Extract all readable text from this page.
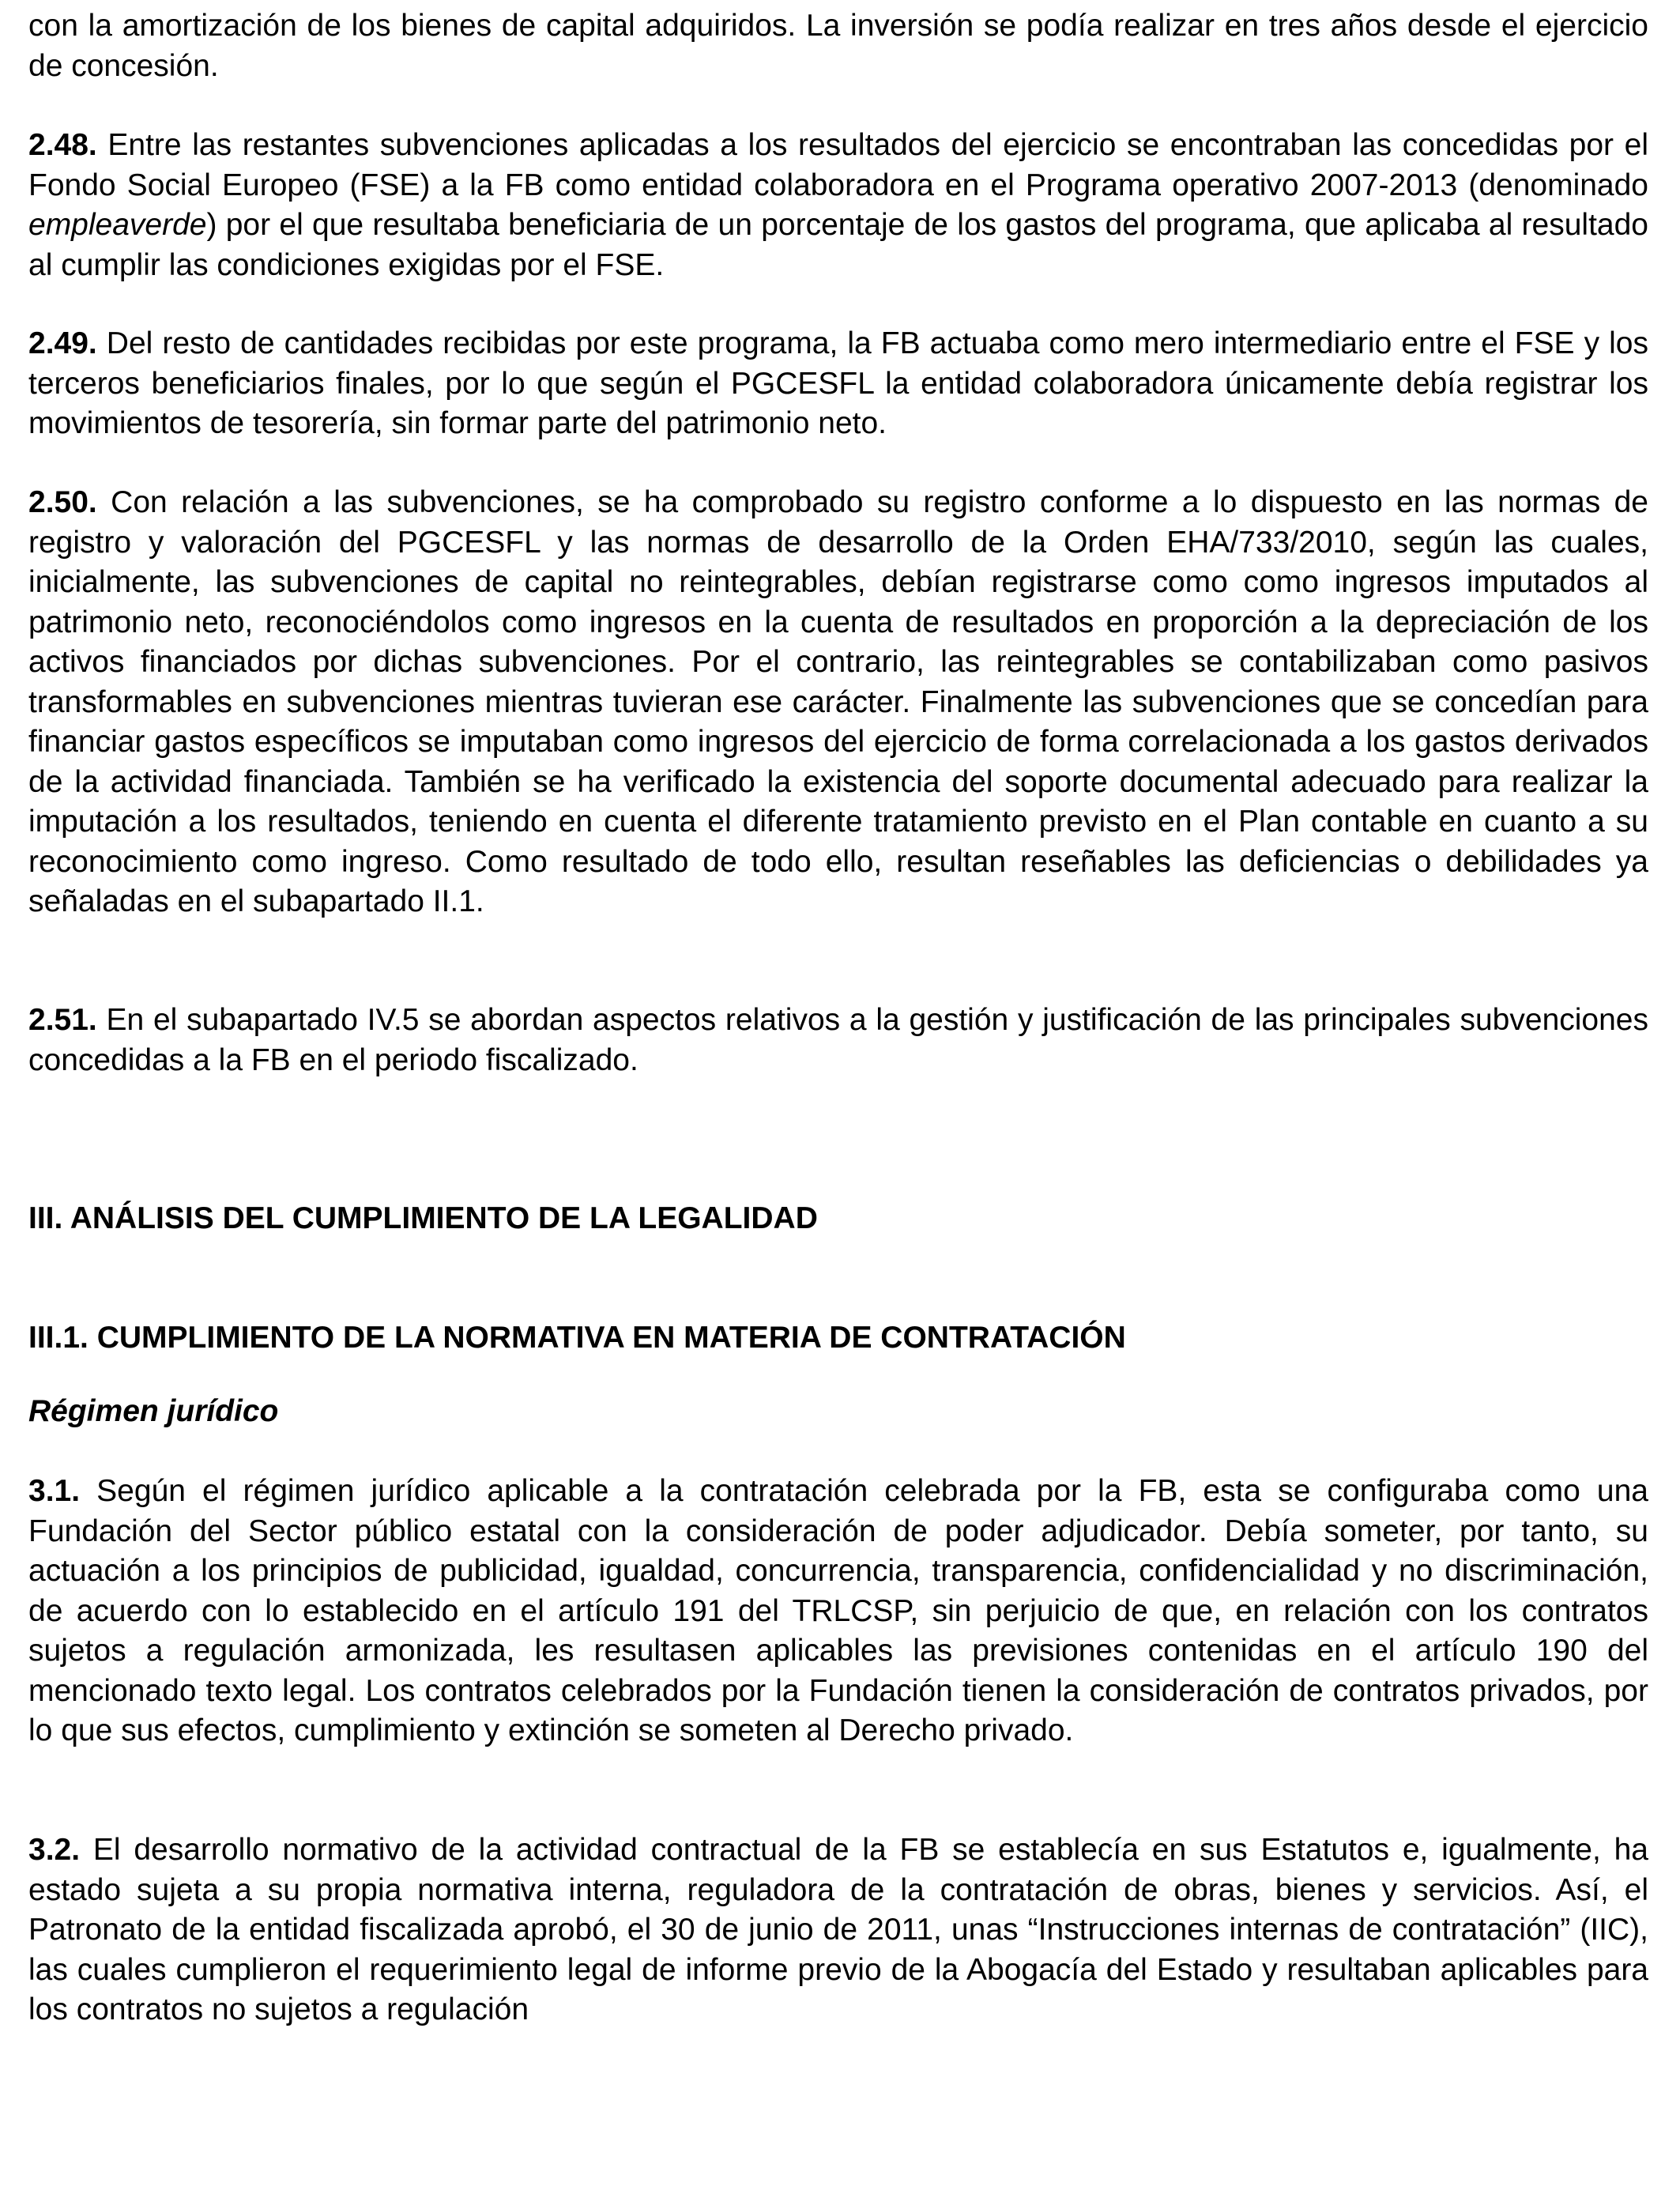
con la amortización de los bienes de capital adquiridos. La inversión se podía realizar en tres años desde el ejercicio de concesión.

2.48. Entre las restantes subvenciones aplicadas a los resultados del ejercicio se encontraban las concedidas por el Fondo Social Europeo (FSE) a la FB como entidad colaboradora en el Programa operativo 2007-2013 (denominado empleaverde) por el que resultaba beneficiaria de un porcentaje de los gastos del programa, que aplicaba al resultado al cumplir las condiciones exigidas por el FSE.

2.49. Del resto de cantidades recibidas por este programa, la FB actuaba como mero intermediario entre el FSE y los terceros beneficiarios finales, por lo que según el PGCESFL la entidad colaboradora únicamente debía registrar los movimientos de tesorería, sin formar parte del patrimonio neto.

2.50. Con relación a las subvenciones, se ha comprobado su registro conforme a lo dispuesto en las normas de registro y valoración del PGCESFL y las normas de desarrollo de la Orden EHA/733/2010, según las cuales, inicialmente, las subvenciones de capital no reintegrables, debían registrarse como como ingresos imputados al patrimonio neto, reconociéndolos como ingresos en la cuenta de resultados en proporción a la depreciación de los activos financiados por dichas subvenciones. Por el contrario, las reintegrables se contabilizaban como pasivos transformables en subvenciones mientras tuvieran ese carácter. Finalmente las subvenciones que se concedían para financiar gastos específicos se imputaban como ingresos del ejercicio de forma correlacionada a los gastos derivados de la actividad financiada. También se ha verificado la existencia del soporte documental adecuado para realizar la imputación a los resultados, teniendo en cuenta el diferente tratamiento previsto en el Plan contable en cuanto a su reconocimiento como ingreso. Como resultado de todo ello, resultan reseñables las deficiencias o debilidades ya señaladas en el subapartado II.1.

2.51. En el subapartado IV.5 se abordan aspectos relativos a la gestión y justificación de las principales subvenciones concedidas a la FB en el periodo fiscalizado.

III. ANÁLISIS DEL CUMPLIMIENTO DE LA LEGALIDAD
III.1. CUMPLIMIENTO DE LA NORMATIVA EN MATERIA DE CONTRATACIÓN
Régimen jurídico

3.1. Según el régimen jurídico aplicable a la contratación celebrada por la FB, esta se configuraba como una Fundación del Sector público estatal con la consideración de poder adjudicador. Debía someter, por tanto, su actuación a los principios de publicidad, igualdad, concurrencia, transparencia, confidencialidad y no discriminación, de acuerdo con lo establecido en el artículo 191 del TRLCSP, sin perjuicio de que, en relación con los contratos sujetos a regulación armonizada, les resultasen aplicables las previsiones contenidas en el artículo 190 del mencionado texto legal. Los contratos celebrados por la Fundación tienen la consideración de contratos privados, por lo que sus efectos, cumplimiento y extinción se someten al Derecho privado.

3.2. El desarrollo normativo de la actividad contractual de la FB se establecía en sus Estatutos e, igualmente, ha estado sujeta a su propia normativa interna, reguladora de la contratación de obras, bienes y servicios. Así, el Patronato de la entidad fiscalizada aprobó, el 30 de junio de 2011, unas “Instrucciones internas de contratación” (IIC), las cuales cumplieron el requerimiento legal de informe previo de la Abogacía del Estado y resultaban aplicables para los contratos no sujetos a regulación
